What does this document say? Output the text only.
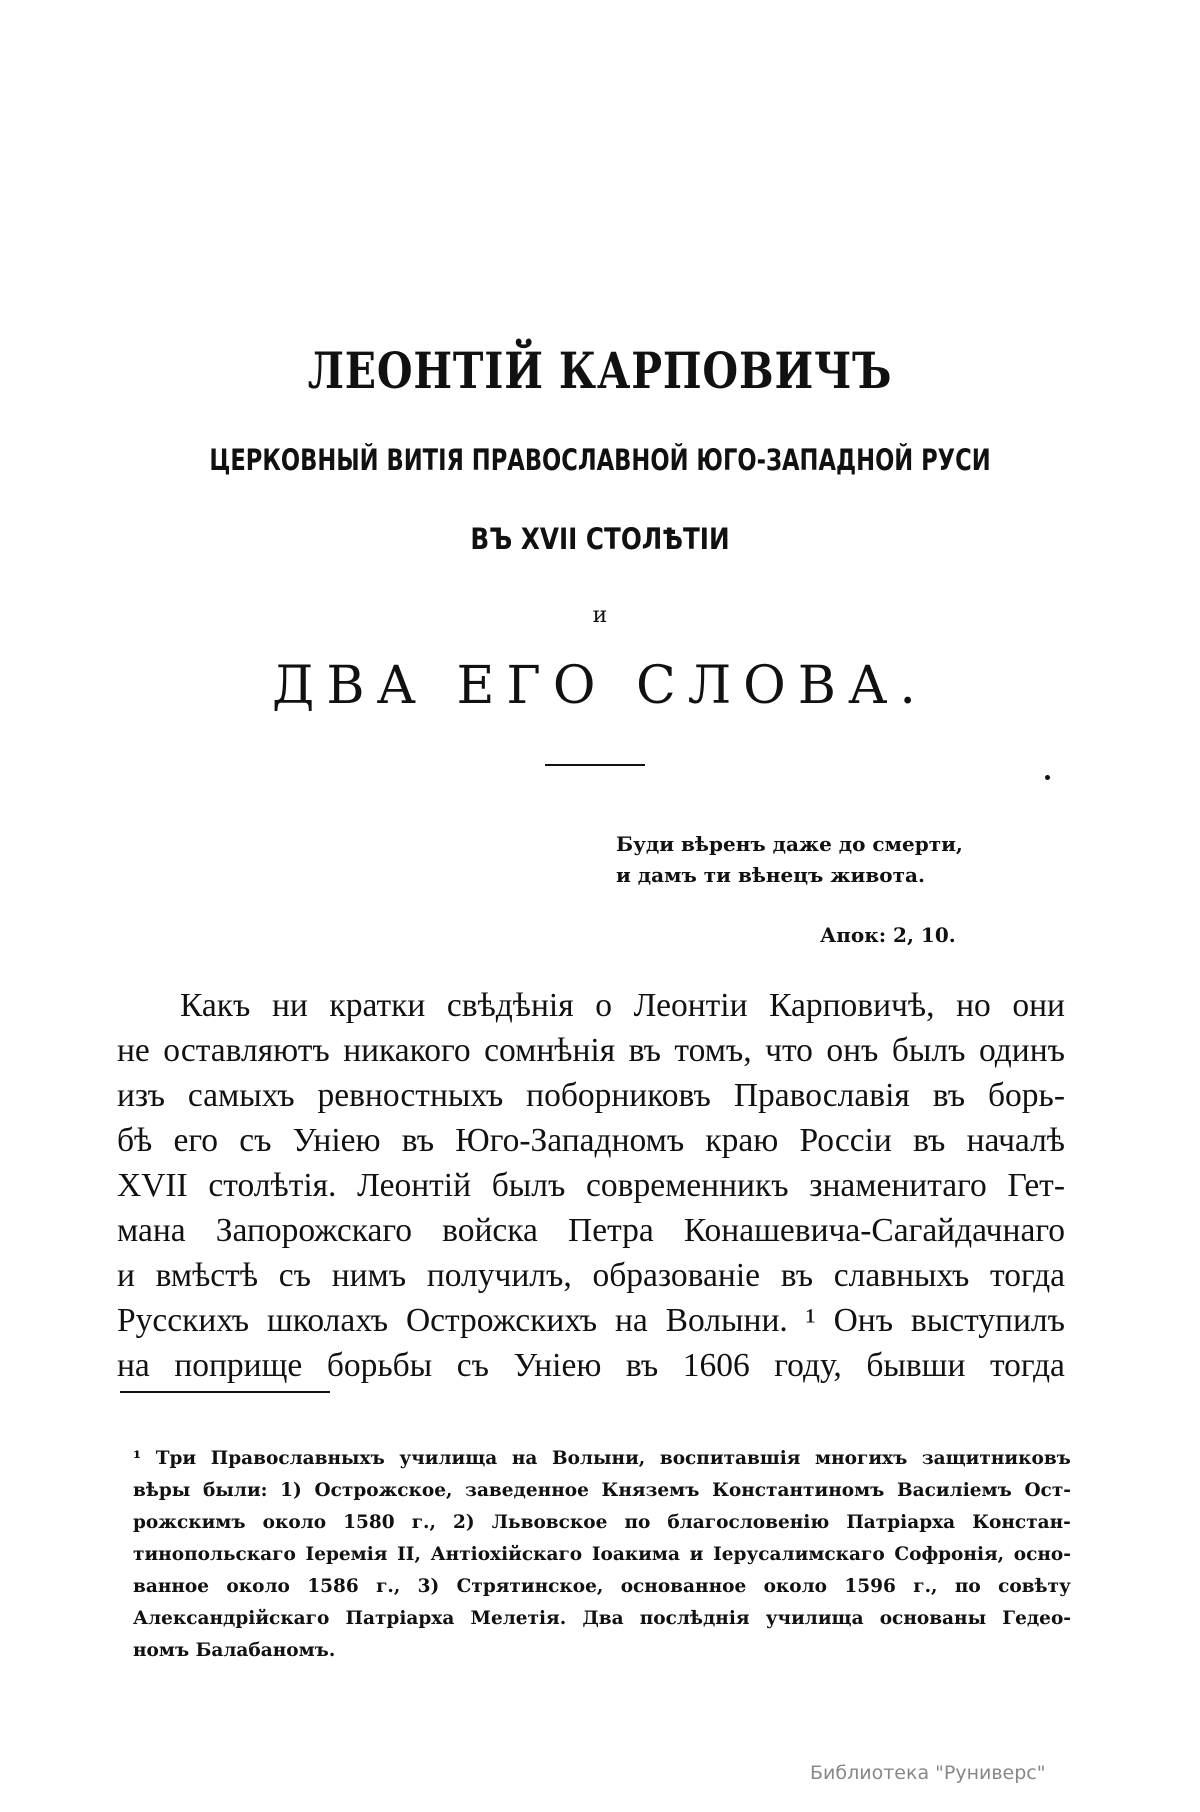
ЛЕОНТІЙ КАРПОВИЧЪ
ЦЕРКОВНЫЙ ВИТІЯ ПРАВОСЛАВНОЙ ЮГО-ЗАПАДНОЙ РУСИ
ВЪ XVII СТОЛѢТІИ
и
ДВА ЕГО СЛОВА.
Буди вѣренъ даже до смерти,
и дамъ ти вѣнецъ живота.
Апок: 2, 10.
Какъ ни кратки свѣдѣнія о Леонтіи Карповичѣ, но они
не оставляютъ никакого сомнѣнія въ томъ, что онъ былъ одинъ
изъ самыхъ ревностныхъ поборниковъ Православія въ борь-
бѣ его съ Уніею въ Юго-Западномъ краю Россіи въ началѣ
XVII столѣтія. Леонтій былъ современникъ знаменитаго Гет-
мана Запорожскаго войска Петра Конашевича-Сагайдачнаго
и вмѣстѣ съ нимъ получилъ, образованіе въ славныхъ тогда
Русскихъ школахъ Острожскихъ на Волыни. ¹ Онъ выступилъ
на поприще борьбы съ Уніею въ 1606 году, бывши тогда
¹ Три Православныхъ училища на Волыни, воспитавшія многихъ защитниковъ
вѣры были: 1) Острожское, заведенное Княземъ Константиномъ Василіемъ Ост-
рожскимъ около 1580 г., 2) Львовское по благословенію Патріарха Констан-
тинопольскаго Іеремія II, Антіохійскаго Іоакима и Іерусалимскаго Софронія, осно-
ванное около 1586 г., 3) Стрятинское, основанное около 1596 г., по совѣту
Александрійскаго Патріарха Мелетія. Два послѣднія училища основаны Гедео-
номъ Балабаномъ.
Библиотека "Руниверс"
